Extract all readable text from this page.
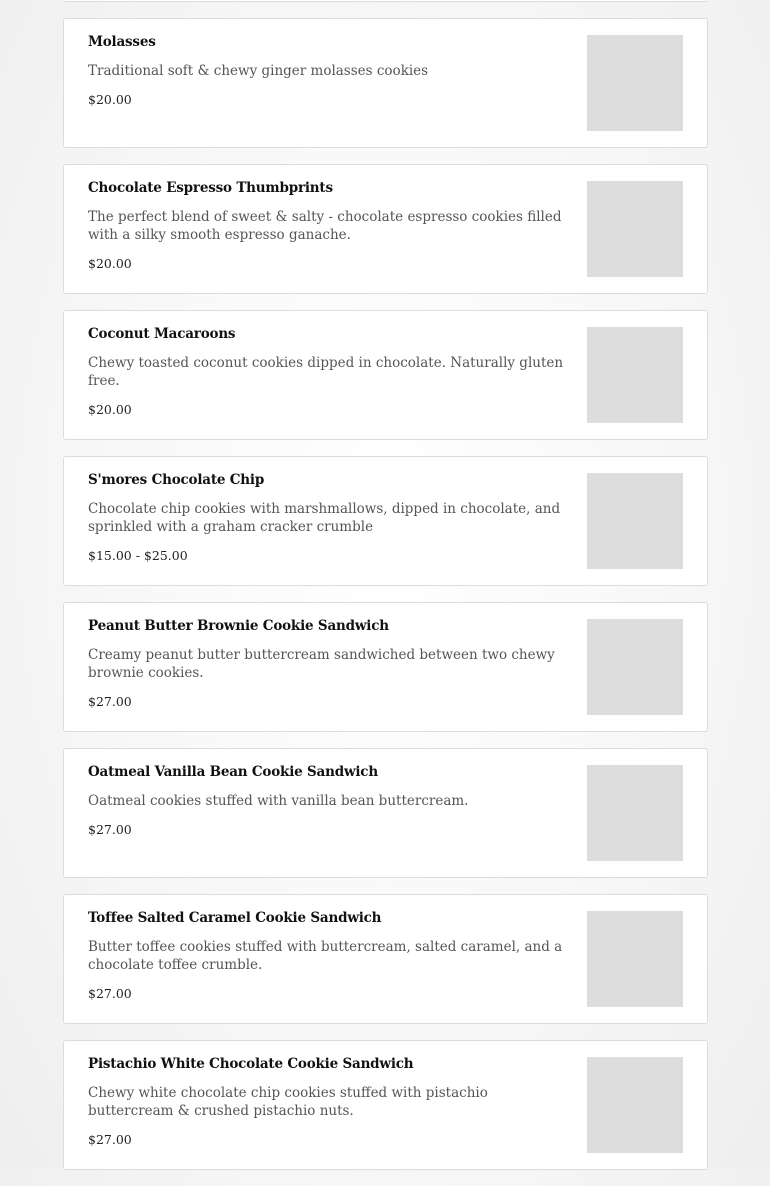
Molasses
Traditional soft & chewy ginger molasses cookies
$20.00
Chocolate Espresso Thumbprints
The perfect blend of sweet & salty - chocolate espresso cookies filled with a silky smooth espresso ganache.
$20.00
Coconut Macaroons
Chewy toasted coconut cookies dipped in chocolate. Naturally gluten free.
$20.00
S'mores Chocolate Chip
Chocolate chip cookies with marshmallows, dipped in chocolate, and sprinkled with a graham cracker crumble
$15.00 - $25.00
Peanut Butter Brownie Cookie Sandwich
Creamy peanut butter buttercream sandwiched between two chewy brownie cookies.
$27.00
Oatmeal Vanilla Bean Cookie Sandwich
Oatmeal cookies stuffed with vanilla bean buttercream.
$27.00
Toffee Salted Caramel Cookie Sandwich
Butter toffee cookies stuffed with buttercream, salted caramel, and a chocolate toffee crumble.
$27.00
Pistachio White Chocolate Cookie Sandwich
Chewy white chocolate chip cookies stuffed with pistachio buttercream & crushed pistachio nuts.
$27.00
